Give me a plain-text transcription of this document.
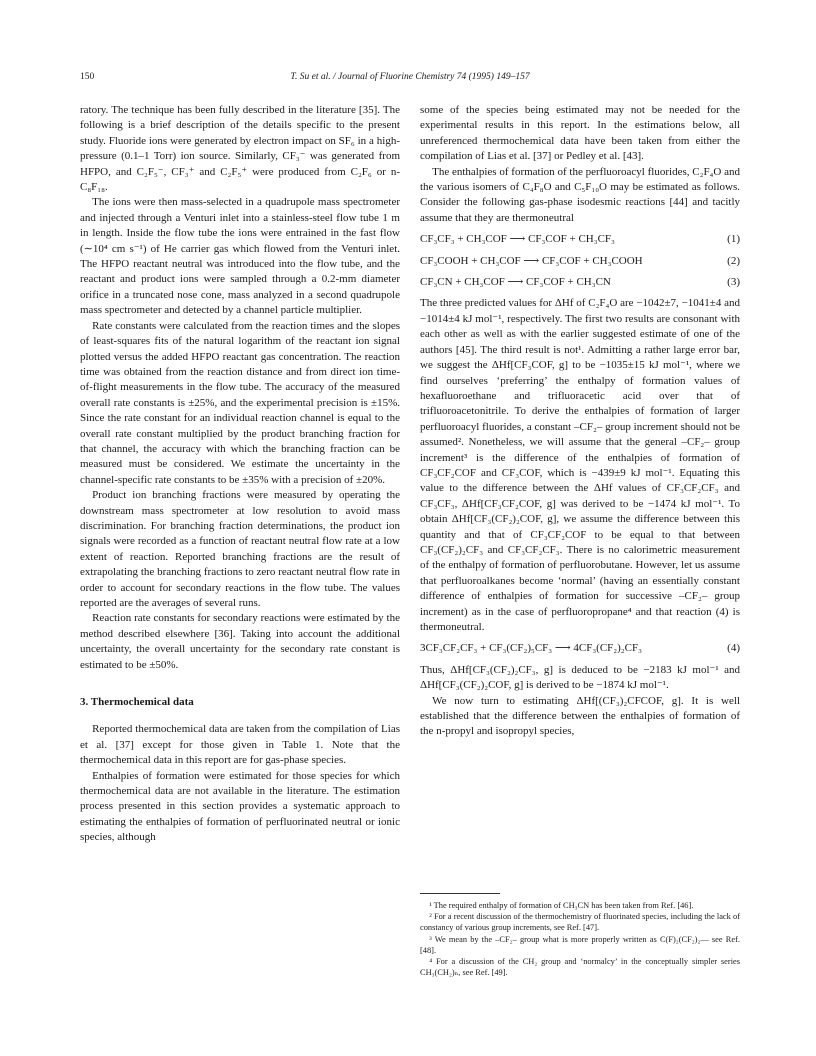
150	T. Su et al. / Journal of Fluorine Chemistry 74 (1995) 149–157

ratory. The technique has been fully described in the literature [35]. The following is a brief description of the details specific to the present study. Fluoride ions were generated by electron impact on SF₆ in a high-pressure (0.1–1 Torr) ion source. Similarly, CF₃⁻ was generated from HFPO, and C₂F₅⁻, CF₃⁺ and C₂F₅⁺ were produced from C₂F₆ or n-C₈F₁₈.

The ions were then mass-selected in a quadrupole mass spectrometer and injected through a Venturi inlet into a stainless-steel flow tube 1 m in length. Inside the flow tube the ions were entrained in the fast flow (∼10⁴ cm s⁻¹) of He carrier gas which flowed from the Venturi inlet. The HFPO reactant neutral was introduced into the flow tube, and the reactant and product ions were sampled through a 0.2-mm diameter orifice in a truncated nose cone, mass analyzed in a second quadrupole mass spectrometer and detected by a channel particle multiplier.

Rate constants were calculated from the reaction times and the slopes of least-squares fits of the natural logarithm of the reactant ion signal plotted versus the added HFPO reactant gas concentration. The reaction time was obtained from the reaction distance and from direct ion time-of-flight measurements in the flow tube. The accuracy of the measured overall rate constants is ±25%, and the experimental precision is ±15%. Since the rate constant for an individual reaction channel is equal to the overall rate constant multiplied by the product branching fraction for that channel, the accuracy with which the branching fraction can be measured must be considered. We estimate the uncertainty in the channel-specific rate constants to be ±35% with a precision of ±20%.

Product ion branching fractions were measured by operating the downstream mass spectrometer at low resolution to avoid mass discrimination. For branching fraction determinations, the product ion signals were recorded as a function of reactant neutral flow rate at a low extent of reaction. Reported branching fractions are the result of extrapolating the branching fractions to zero reactant neutral flow rate in order to account for secondary reactions in the flow tube. The values reported are the averages of several runs.

Reaction rate constants for secondary reactions were estimated by the method described elsewhere [36]. Taking into account the additional uncertainty, the overall uncertainty for the secondary rate constant is estimated to be ±50%.

3. Thermochemical data

Reported thermochemical data are taken from the compilation of Lias et al. [37] except for those given in Table 1. Note that the thermochemical data in this report are for gas-phase species.

Enthalpies of formation were estimated for those species for which thermochemical data are not available in the literature. The estimation process presented in this section provides a systematic approach to estimating the enthalpies of formation of perfluorinated neutral or ionic species, although

some of the species being estimated may not be needed for the experimental results in this report. In the estimations below, all unreferenced thermochemical data have been taken from either the compilation of Lias et al. [37] or Pedley et al. [43].

The enthalpies of formation of the perfluoroacyl fluorides, C₂F₄O and the various isomers of C₄F₈O and C₅F₁₀O may be estimated as follows. Consider the following gas-phase isodesmic reactions [44] and tacitly assume that they are thermoneutral

CF₃CF₃ + CH₃COF ⟶ CF₃COF + CH₃CF₃	(1)
CF₃COOH + CH₃COF ⟶ CF₃COF + CH₃COOH	(2)
CF₃CN + CH₃COF ⟶ CF₃COF + CH₃CN	(3)

The three predicted values for ΔHf of C₂F₄O are −1042±7, −1041±4 and −1014±4 kJ mol⁻¹, respectively. The first two results are consonant with each other as well as with the earlier suggested estimate of one of the authors [45]. The third result is not¹. Admitting a rather large error bar, we suggest the ΔHf[CF₃COF, g] to be −1035±15 kJ mol⁻¹, where we find ourselves ‘preferring’ the enthalpy of formation values of hexafluoroethane and trifluoracetic acid over that of trifluoroacetonitrile. To derive the enthalpies of formation of larger perfluoroacyl fluorides, a constant –CF₂– group increment should not be assumed². Nonetheless, we will assume that the general –CF₂– group increment³ is the difference of the enthalpies of formation of CF₃CF₂COF and CF₃COF, which is −439±9 kJ mol⁻¹. Equating this value to the difference between the ΔHf values of CF₃CF₂CF₃ and CF₃CF₃, ΔHf[CF₃CF₂COF, g] was derived to be −1474 kJ mol⁻¹. To obtain ΔHf[CF₃(CF₂)₂COF, g], we assume the difference between this quantity and that of CF₃CF₂COF to be equal to that between CF₃(CF₂)₂CF₃ and CF₃CF₂CF₃. There is no calorimetric measurement of the enthalpy of formation of perfluorobutane. However, let us assume that perfluoroalkanes become ‘normal’ (having an essentially constant difference of enthalpies of formation for successive –CF₂– group increment) as in the case of perfluoropropane⁴ and that reaction (4) is thermoneutral.

3CF₃CF₂CF₃ + CF₃(CF₂)₅CF₃ ⟶ 4CF₃(CF₂)₂CF₃	(4)

Thus, ΔHf[CF₃(CF₂)₂CF₃, g] is deduced to be −2183 kJ mol⁻¹ and ΔHf[CF₃(CF₂)₂COF, g] is derived to be −1874 kJ mol⁻¹.

We now turn to estimating ΔHf[(CF₃)₂CFCOF, g]. It is well established that the difference between the enthalpies of formation of the n-propyl and isopropyl species,

¹ The required enthalpy of formation of CH₃CN has been taken from Ref. [46].

² For a recent discussion of the thermochemistry of fluorinated species, including the lack of constancy of various group increments, see Ref. [47].

³ We mean by the –CF₂– group what is more properly written as C(F)₂(CF₂)₂— see Ref. [48].

⁴ For a discussion of the CH₂ group and ‘normalcy’ in the conceptually simpler series CH₃(CH₂)ₙ, see Ref. [49].
